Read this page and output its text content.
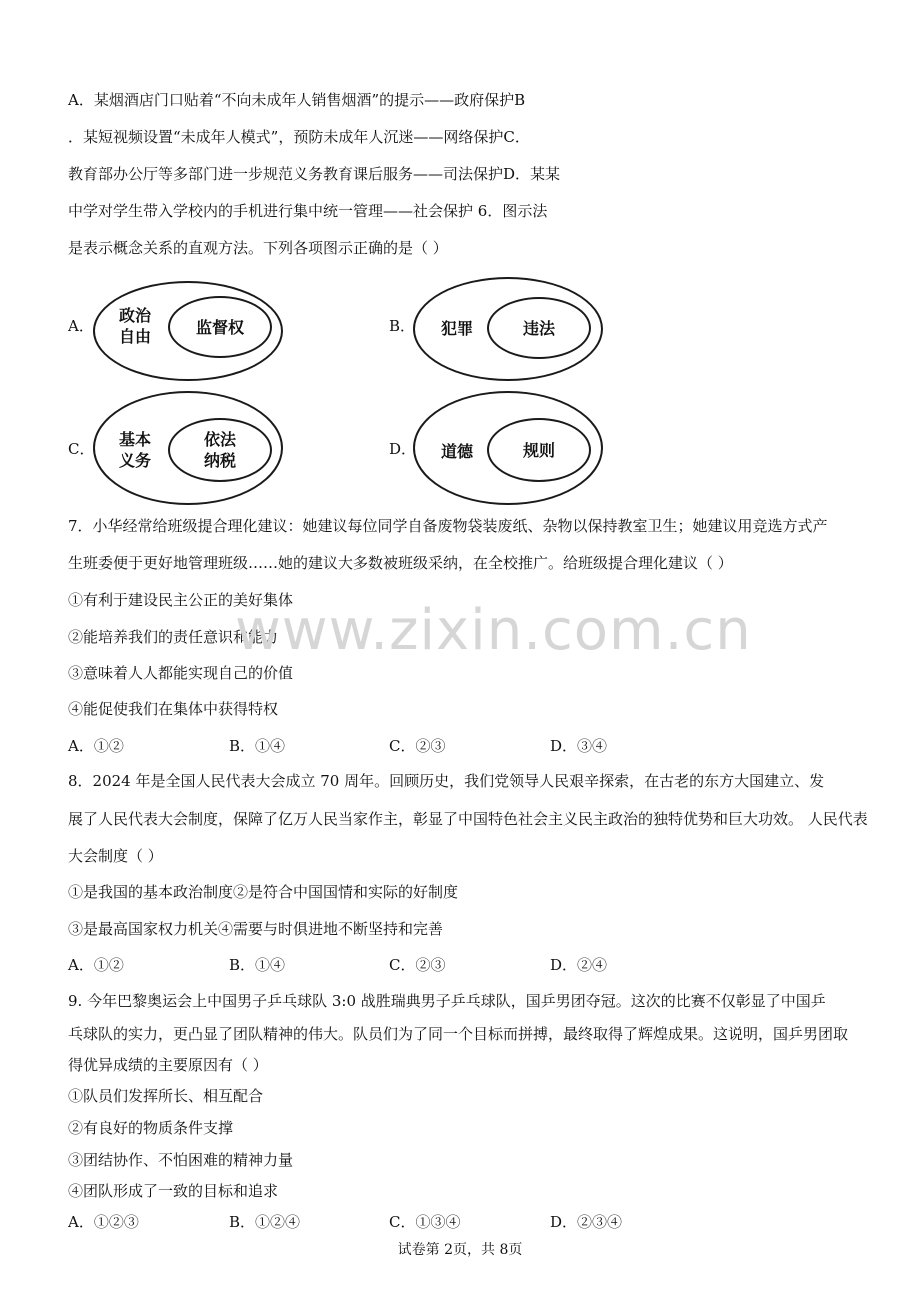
A．某烟酒店门口贴着“不向未成年人销售烟酒”的提示——政府保护B
．某短视频设置“未成年人模式”，预防未成年人沉迷——网络保护C．
教育部办公厅等多部门进一步规范义务教育课后服务——司法保护D．某某
中学对学生带入学校内的手机进行集中统一管理——社会保护 6．图示法
是表示概念关系的直观方法。下列各项图示正确的是（ ）
A．
政治
自由	监督权	B．	犯罪	违法
C．	基本
义务
依法
纳税
D．	道德	规则
7．小华经常给班级提合理化建议：她建议每位同学自备废物袋装废纸、杂物以保持教室卫生；她建议用竞选方式产
生班委便于更好地管理班级……她的建议大多数被班级采纳，在全校推广。给班级提合理化建议（ ）
①有利于建设民主公正的美好集体
②能培养我们的责任意识和能力
③意味着人人都能实现自己的价值
④能促使我们在集体中获得特权
A．①②	B．①④	C．②③	D．③④
www.zixin.com.cn
8．2024 年是全国人民代表大会成立 70 周年。回顾历史，我们党领导人民艰辛探索，在古老的东方大国建立、发
展了人民代表大会制度，保障了亿万人民当家作主，彰显了中国特色社会主义民主政治的独特优势和巨大功效。 人民代表
大会制度（ ）
①是我国的基本政治制度②是符合中国国情和实际的好制度
③是最高国家权力机关④需要与时俱进地不断坚持和完善
A．①②	B．①④	C．②③	D．②④
9. 今年巴黎奥运会上中国男子乒乓球队 3:0 战胜瑞典男子乒乓球队，国乒男团夺冠。这次的比赛不仅彰显了中国乒
乓球队的实力，更凸显了团队精神的伟大。队员们为了同一个目标而拼搏，最终取得了辉煌成果。这说明，国乒男团取
得优异成绩的主要原因有（ ）
①队员们发挥所长、相互配合
②有良好的物质条件支撑
③团结协作、不怕困难的精神力量
④团队形成了一致的目标和追求
A．①②③	B．①②④	C．①③④	D．②③④
试卷第 2页，共 8页
